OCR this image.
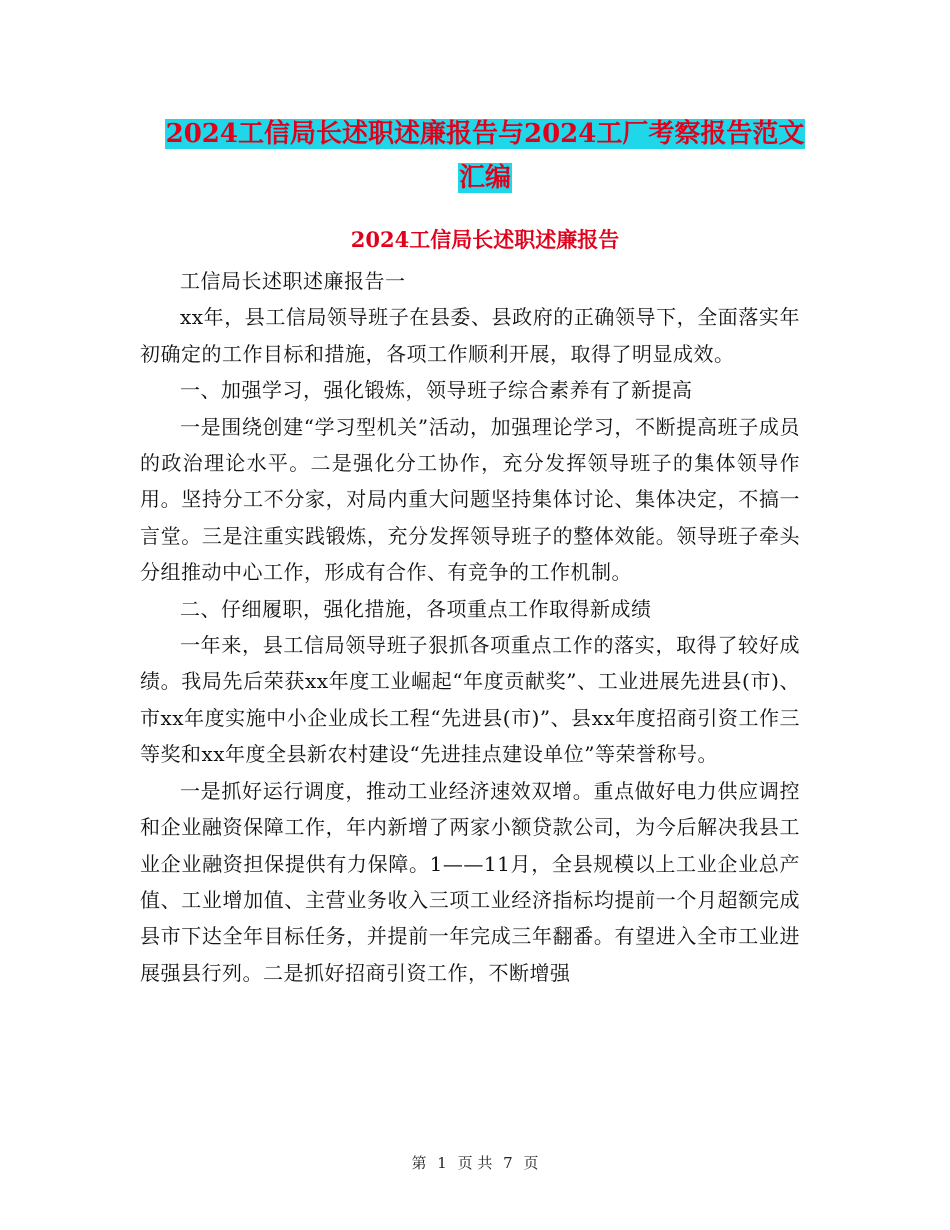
2024工信局长述职述廉报告与2024工厂考察报告范文
汇编
2024工信局长述职述廉报告

工信局长述职述廉报告一

xx年，县工信局领导班子在县委、县政府的正确领导下，全面落实年初确定的工作目标和措施，各项工作顺利开展，取得了明显成效。

一、加强学习，强化锻炼，领导班子综合素养有了新提高

一是围绕创建“学习型机关”活动，加强理论学习，不断提高班子成员的政治理论水平。二是强化分工协作，充分发挥领导班子的集体领导作用。坚持分工不分家，对局内重大问题坚持集体讨论、集体决定，不搞一言堂。三是注重实践锻炼，充分发挥领导班子的整体效能。领导班子牵头分组推动中心工作，形成有合作、有竞争的工作机制。

二、仔细履职，强化措施，各项重点工作取得新成绩

一年来，县工信局领导班子狠抓各项重点工作的落实，取得了较好成绩。我局先后荣获xx年度工业崛起“年度贡献奖”、工业进展先进县(市)、市xx年度实施中小企业成长工程“先进县(市)”、县xx年度招商引资工作三等奖和xx年度全县新农村建设“先进挂点建设单位”等荣誉称号。

一是抓好运行调度，推动工业经济速效双增。重点做好电力供应调控和企业融资保障工作，年内新增了两家小额贷款公司，为今后解决我县工业企业融资担保提供有力保障。1——11月，全县规模以上工业企业总产值、工业增加值、主营业务收入三项工业经济指标均提前一个月超额完成县市下达全年目标任务，并提前一年完成三年翻番。有望进入全市工业进展强县行列。二是抓好招商引资工作，不断增强

第 1 页 共 7 页
